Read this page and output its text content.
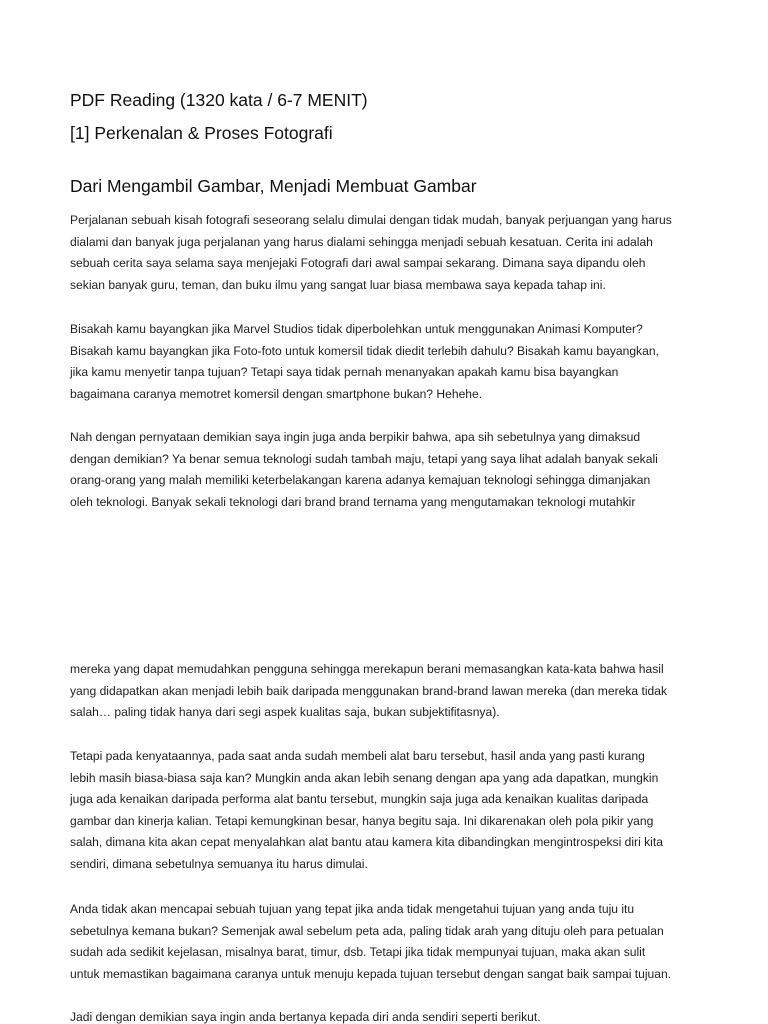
PDF Reading (1320 kata / 6-7 MENIT)
[1] Perkenalan & Proses Fotografi
Dari Mengambil Gambar, Menjadi Membuat Gambar
Perjalanan sebuah kisah fotografi seseorang selalu dimulai dengan tidak mudah, banyak perjuangan yang harus
dialami dan banyak juga perjalanan yang harus dialami sehingga menjadi sebuah kesatuan. Cerita ini adalah
sebuah cerita saya selama saya menjejaki Fotografi dari awal sampai sekarang. Dimana saya dipandu oleh
sekian banyak guru, teman, dan buku ilmu yang sangat luar biasa membawa saya kepada tahap ini.
Bisakah kamu bayangkan jika Marvel Studios tidak diperbolehkan untuk menggunakan Animasi Komputer?
Bisakah kamu bayangkan jika Foto-foto untuk komersil tidak diedit terlebih dahulu? Bisakah kamu bayangkan,
jika kamu menyetir tanpa tujuan? Tetapi saya tidak pernah menanyakan apakah kamu bisa bayangkan
bagaimana caranya memotret komersil dengan smartphone bukan? Hehehe.
Nah dengan pernyataan demikian saya ingin juga anda berpikir bahwa, apa sih sebetulnya yang dimaksud
dengan demikian? Ya benar semua teknologi sudah tambah maju, tetapi yang saya lihat adalah banyak sekali
orang-orang yang malah memiliki keterbelakangan karena adanya kemajuan teknologi sehingga dimanjakan
oleh teknologi. Banyak sekali teknologi dari brand brand ternama yang mengutamakan teknologi mutahkir
mereka yang dapat memudahkan pengguna sehingga merekapun berani memasangkan kata-kata bahwa hasil
yang didapatkan akan menjadi lebih baik daripada menggunakan brand-brand lawan mereka (dan mereka tidak
salah… paling tidak hanya dari segi aspek kualitas saja, bukan subjektifitasnya).
Tetapi pada kenyataannya, pada saat anda sudah membeli alat baru tersebut, hasil anda yang pasti kurang
lebih masih biasa-biasa saja kan? Mungkin anda akan lebih senang dengan apa yang ada dapatkan, mungkin
juga ada kenaikan daripada performa alat bantu tersebut, mungkin saja juga ada kenaikan kualitas daripada
gambar dan kinerja kalian. Tetapi kemungkinan besar, hanya begitu saja. Ini dikarenakan oleh pola pikir yang
salah, dimana kita akan cepat menyalahkan alat bantu atau kamera kita dibandingkan mengintrospeksi diri kita
sendiri, dimana sebetulnya semuanya itu harus dimulai.
Anda tidak akan mencapai sebuah tujuan yang tepat jika anda tidak mengetahui tujuan yang anda tuju itu
sebetulnya kemana bukan? Semenjak awal sebelum peta ada, paling tidak arah yang dituju oleh para petualan
sudah ada sedikit kejelasan, misalnya barat, timur, dsb. Tetapi jika tidak mempunyai tujuan, maka akan sulit
untuk memastikan bagaimana caranya untuk menuju kepada tujuan tersebut dengan sangat baik sampai tujuan.
Jadi dengan demikian saya ingin anda bertanya kepada diri anda sendiri seperti berikut.
